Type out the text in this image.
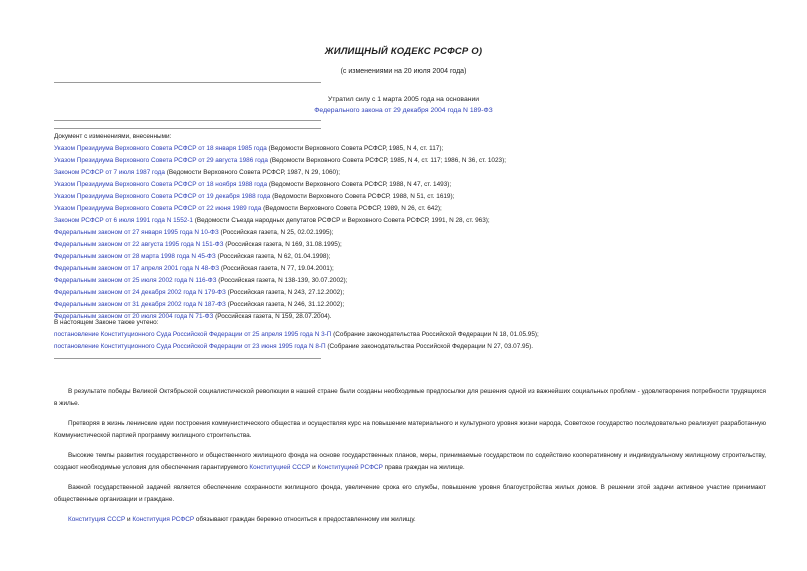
ЖИЛИЩНЫЙ КОДЕКС РСФСР О)
(с изменениями на 20 июля 2004 года)
Утратил силу с 1 марта 2005 года на основании
Федерального закона от 29 декабря 2004 года N 189-ФЗ
Документ с изменениями, внесенными:
Указом Президиума Верховного Совета РСФСР от 18 января 1985 года (Ведомости Верховного Совета РСФСР, 1985, N 4, ст. 117);
Указом Президиума Верховного Совета РСФСР от 29 августа 1986 года (Ведомости Верховного Совета РСФСР, 1985, N 4, ст. 117; 1986, N 36, ст. 1023);
Законом РСФСР от 7 июля 1987 года (Ведомости Верховного Совета РСФСР, 1987, N 29, 1060);
Указом Президиума Верховного Совета РСФСР от 18 ноября 1988 года (Ведомости Верховного Совета РСФСР, 1988, N 47, ст. 1493);
Указом Президиума Верховного Совета РСФСР от 19 декабря 1988 года (Ведомости Верховного Совета РСФСР, 1988, N 51, ст. 1619);
Указом Президиума Верховного Совета РСФСР от 22 июня 1989 года (Ведомости Верховного Совета РСФСР, 1989, N 26, ст. 642);
Законом РСФСР от 6 июля 1991 года N 1552-1 (Ведомости Съезда народных депутатов РСФСР и Верховного Совета РСФСР, 1991, N 28, ст. 963);
Федеральным законом от 27 января 1995 года N 10-ФЗ (Российская газета, N 25, 02.02.1995);
Федеральным законом от 22 августа 1995 года N 151-ФЗ (Российская газета, N 169, 31.08.1995);
Федеральным законом от 28 марта 1998 года N 45-ФЗ (Российская газета, N 62, 01.04.1998);
Федеральным законом от 17 апреля 2001 года N 48-ФЗ (Российская газета, N 77, 19.04.2001);
Федеральным законом от 25 июля 2002 года N 116-ФЗ (Российская газета, N 138-139, 30.07.2002);
Федеральным законом от 24 декабря 2002 года N 179-ФЗ (Российская газета, N 243, 27.12.2002);
Федеральным законом от 31 декабря 2002 года N 187-ФЗ (Российская газета, N 246, 31.12.2002);
Федеральным законом от 20 июля 2004 года N 71-ФЗ (Российская газета, N 159, 28.07.2004).
В настоящем Законе также учтено:
постановление Конституционного Суда Российской Федерации от 25 апреля 1995 года N 3-П (Собрание законодательства Российской Федерации N 18, 01.05.95);
постановление Конституционного Суда Российской Федерации от 23 июня 1995 года N 8-П (Собрание законодательства Российской Федерации N 27, 03.07.95).
В результате победы Великой Октябрьской социалистической революции в нашей стране были созданы необходимые предпосылки для решения одной из важнейших социальных проблем - удовлетворения потребности трудящихся в жилье.
Претворяя в жизнь ленинские идеи построения коммунистического общества и осуществляя курс на повышение материального и культурного уровня жизни народа, Советское государство последовательно реализует разработанную Коммунистической партией программу жилищного строительства.
Высокие темпы развития государственного и общественного жилищного фонда на основе государственных планов, меры, принимаемые государством по содействию кооперативному и индивидуальному жилищному строительству, создают необходимые условия для обеспечения гарантируемого Конституцией СССР и Конституцией РСФСР права граждан на жилище.
Важной государственной задачей является обеспечение сохранности жилищного фонда, увеличение срока его службы, повышение уровня благоустройства жилых домов. В решении этой задачи активное участие принимают общественные организации и граждане.
Конституция СССР и Конституция РСФСР обязывают граждан бережно относиться к предоставленному им жилищу.
